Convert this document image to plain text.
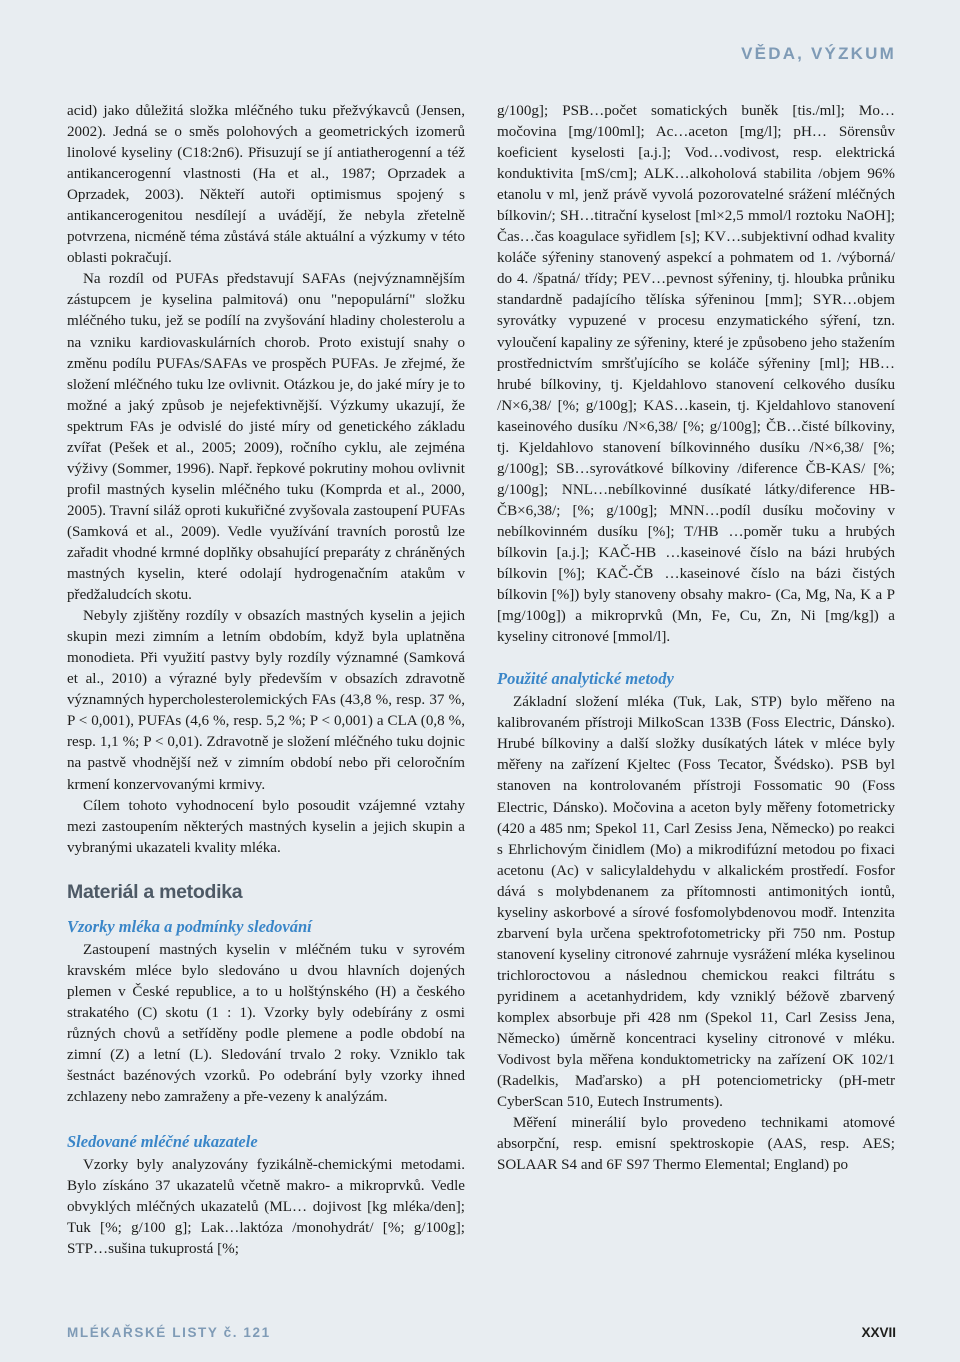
VĚDA, VÝZKUM

acid) jako důležitá složka mléčného tuku přežvýkavců (Jensen, 2002). Jedná se o směs polohových a geometrických izomerů linolové kyseliny (C18:2n6). Přisuzují se jí antiatherogenní a též antikancerogenní vlastnosti (Ha et al., 1987; Oprzadek a Oprzadek, 2003). Někteří autoři optimismus spojený s antikancerogenitou nesdílejí a uvádějí, že nebyla zřetelně potvrzena, nicméně téma zůstává stále aktuální a výzkumy v této oblasti pokračují.

Na rozdíl od PUFAs představují SAFAs (nejvýznamnějším zástupcem je kyselina palmitová) onu "nepopulární" složku mléčného tuku, jež se podílí na zvyšování hladiny cholesterolu a na vzniku kardiovaskulárních chorob. Proto existují snahy o změnu podílu PUFAs/SAFAs ve prospěch PUFAs. Je zřejmé, že složení mléčného tuku lze ovlivnit. Otázkou je, do jaké míry je to možné a jaký způsob je nejefektivnější. Výzkumy ukazují, že spektrum FAs je odvislé do jisté míry od genetického základu zvířat (Pešek et al., 2005; 2009), ročního cyklu, ale zejména výživy (Sommer, 1996). Např. řepkové pokrutiny mohou ovlivnit profil mastných kyselin mléčného tuku (Komprda et al., 2000, 2005). Travní siláž oproti kukuřičné zvyšovala zastoupení PUFAs (Samková et al., 2009). Vedle využívání travních porostů lze zařadit vhodné krmné doplňky obsahující preparáty z chráněných mastných kyselin, které odolají hydrogenačním atakům v předžaludcích skotu.

Nebyly zjištěny rozdíly v obsazích mastných kyselin a jejich skupin mezi zimním a letním obdobím, když byla uplatněna monodieta. Při využití pastvy byly rozdíly významné (Samková et al., 2010) a výrazné byly především v obsazích zdravotně významných hypercholesterolemických FAs (43,8 %, resp. 37 %, P < 0,001), PUFAs (4,6 %, resp. 5,2 %; P < 0,001) a CLA (0,8 %, resp. 1,1 %; P < 0,01). Zdravotně je složení mléčného tuku dojnic na pastvě vhodnější než v zimním období nebo při celoročním krmení konzervovanými krmivy.

Cílem tohoto vyhodnocení bylo posoudit vzájemné vztahy mezi zastoupením některých mastných kyselin a jejich skupin a vybranými ukazateli kvality mléka.

Materiál a metodika
Vzorky mléka a podmínky sledování

Zastoupení mastných kyselin v mléčném tuku v syrovém kravském mléce bylo sledováno u dvou hlavních dojených plemen v České republice, a to u holštýnského (H) a českého strakatého (C) skotu (1 : 1). Vzorky byly odebírány z osmi různých chovů a setříděny podle plemene a podle období na zimní (Z) a letní (L). Sledování trvalo 2 roky. Vzniklo tak šestnáct bazénových vzorků. Po odebrání byly vzorky ihned zchlazeny nebo zamraženy a pře-vezeny k analýzám.

Sledované mléčné ukazatele

Vzorky byly analyzovány fyzikálně-chemickými metodami. Bylo získáno 37 ukazatelů včetně makro- a mikroprvků. Vedle obvyklých mléčných ukazatelů (ML… dojivost [kg mléka/den]; Tuk [%; g/100 g]; Lak…laktóza /monohydrát/ [%; g/100g]; STP…sušina tukuprostá [%;

g/100g]; PSB…počet somatických buněk [tis./ml]; Mo…močovina [mg/100ml]; Ac…aceton [mg/l]; pH… Sörensův koeficient kyselosti [a.j.]; Vod…vodivost, resp. elektrická konduktivita [mS/cm]; ALK…alkoholová stabilita /objem 96% etanolu v ml, jenž právě vyvolá pozorovatelné srážení mléčných bílkovin/; SH…titrační kyselost [ml×2,5 mmol/l roztoku NaOH]; Čas…čas koagulace syřidlem [s]; KV…subjektivní odhad kvality koláče sýřeniny stanovený aspekcí a pohmatem od 1. /výborná/ do 4. /špatná/ třídy; PEV…pevnost sýřeniny, tj. hloubka průniku standardně padajícího tělíska sýřeninou [mm]; SYR…objem syrovátky vypuzené v procesu enzymatického sýření, tzn. vyloučení kapaliny ze sýřeniny, které je způsobeno jeho stažením prostřednictvím smršťujícího se koláče sýřeniny [ml]; HB…hrubé bílkoviny, tj. Kjeldahlovo stanovení celkového dusíku /N×6,38/ [%; g/100g]; KAS…kasein, tj. Kjeldahlovo stanovení kaseinového dusíku /N×6,38/ [%; g/100g]; ČB…čisté bílkoviny, tj. Kjeldahlovo stanovení bílkovinného dusíku /N×6,38/ [%; g/100g]; SB…syrovátkové bílkoviny /diference ČB-KAS/ [%; g/100g]; NNL…nebílkovinné dusíkaté látky/diference HB-ČB×6,38/; [%; g/100g]; MNN…podíl dusíku močoviny v nebílkovinném dusíku [%]; T/HB …poměr tuku a hrubých bílkovin [a.j.]; KAČ-HB …kaseinové číslo na bázi hrubých bílkovin [%]; KAČ-ČB …kaseinové číslo na bázi čistých bílkovin [%]) byly stanoveny obsahy makro- (Ca, Mg, Na, K a P [mg/100g]) a mikroprvků (Mn, Fe, Cu, Zn, Ni [mg/kg]) a kyseliny citronové [mmol/l].

Použité analytické metody

Základní složení mléka (Tuk, Lak, STP) bylo měřeno na kalibrovaném přístroji MilkoScan 133B (Foss Electric, Dánsko). Hrubé bílkoviny a další složky dusíkatých látek v mléce byly měřeny na zařízení Kjeltec (Foss Tecator, Švédsko). PSB byl stanoven na kontrolovaném přístroji Fossomatic 90 (Foss Electric, Dánsko). Močovina a aceton byly měřeny fotometricky (420 a 485 nm; Spekol 11, Carl Zesiss Jena, Německo) po reakci s Ehrlichovým činidlem (Mo) a mikrodifúzní metodou po fixaci acetonu (Ac) v salicylaldehydu v alkalickém prostředí. Fosfor dává s molybdenanem za přítomnosti antimonitých iontů, kyseliny askorbové a sírové fosfomolybdenovou modř. Intenzita zbarvení byla určena spektrofotometricky při 750 nm. Postup stanovení kyseliny citronové zahrnuje vysrážení mléka kyselinou trichloroctovou a následnou chemickou reakci filtrátu s pyridinem a acetanhydridem, kdy vzniklý béžově zbarvený komplex absorbuje při 428 nm (Spekol 11, Carl Zesiss Jena, Německo) úměrně koncentraci kyseliny citronové v mléku. Vodivost byla měřena konduktometricky na zařízení OK 102/1 (Radelkis, Maďarsko) a pH potenciometricky (pH-metr CyberScan 510, Eutech Instruments).

Měření minerálií bylo provedeno technikami atomové absorpční, resp. emisní spektroskopie (AAS, resp. AES; SOLAAR S4 and 6F S97 Thermo Elemental; England) po

MLÉKAŘSKÉ LISTY č. 121	XXVII
